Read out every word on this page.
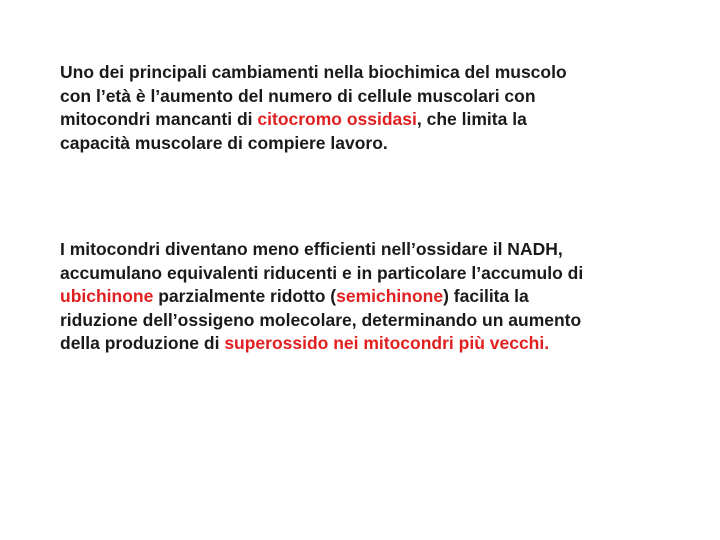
Uno dei principali cambiamenti nella biochimica del muscolo
con l’età è l’aumento del numero di cellule muscolari con
mitocondri mancanti di citocromo ossidasi, che limita la
capacità muscolare di compiere lavoro.
I mitocondri diventano meno efficienti nell’ossidare il NADH,
accumulano equivalenti riducenti e in particolare l’accumulo di
ubichinone parzialmente ridotto (semichinone) facilita la
riduzione dell’ossigeno molecolare, determinando un aumento
della produzione di superossido nei mitocondri più vecchi.
